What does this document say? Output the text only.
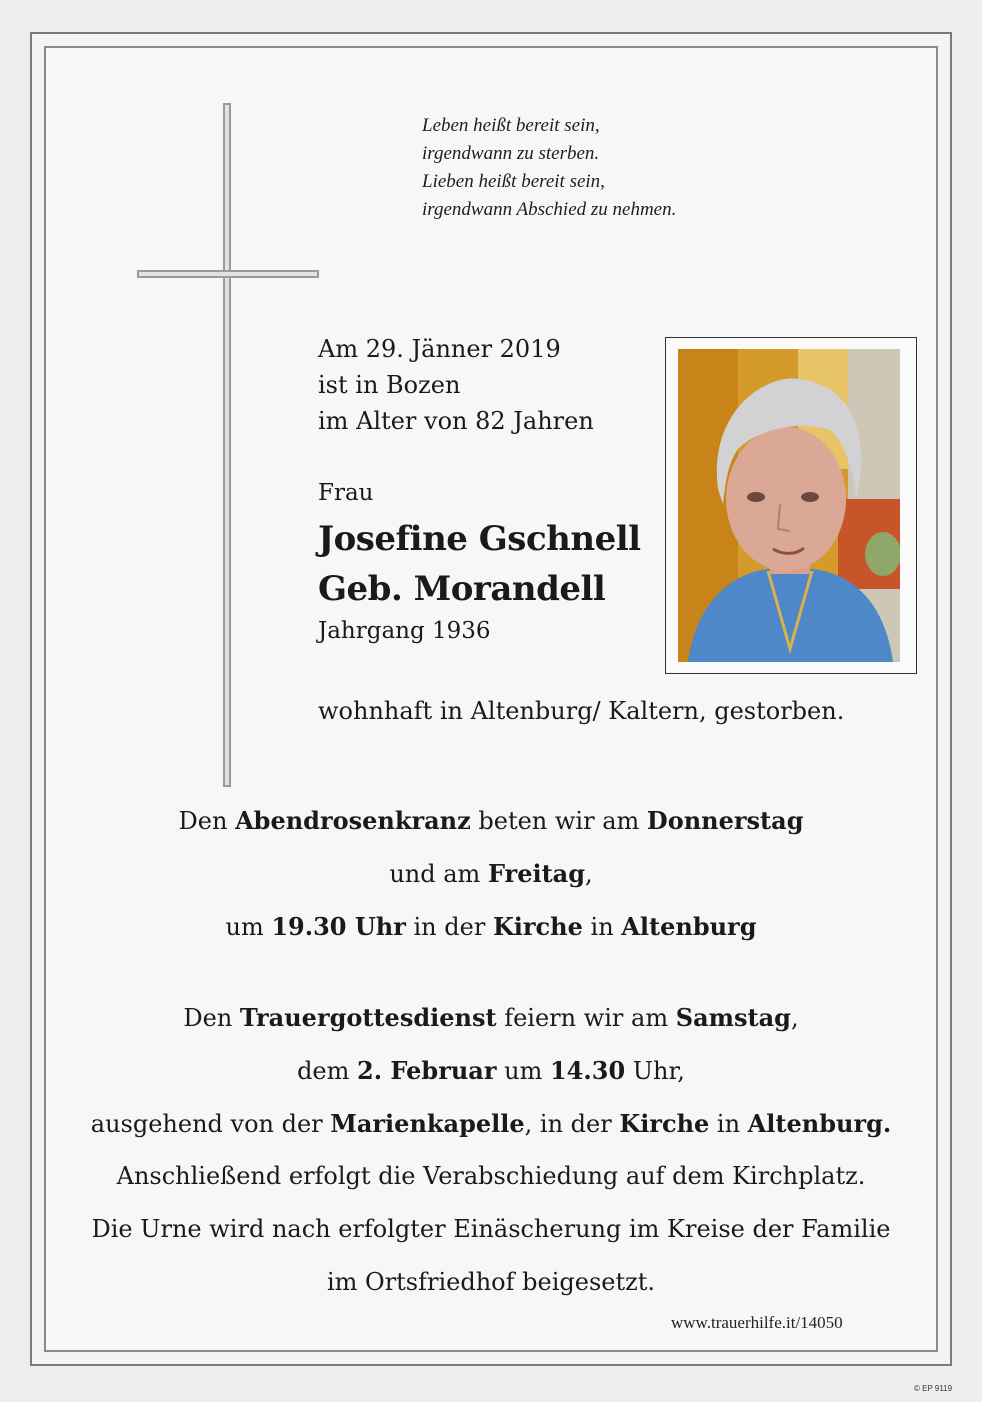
Leben heißt bereit sein,
irgendwann zu sterben.
Lieben heißt bereit sein,
irgendwann Abschied zu nehmen.
Am 29. Jänner 2019
ist in Bozen
im Alter von 82 Jahren
Frau
Josefine Gschnell
Geb. Morandell
Jahrgang 1936
wohnhaft in Altenburg/ Kaltern, gestorben.
Den Abendrosenkranz beten wir am Donnerstag
und am Freitag,
um 19.30 Uhr in der Kirche in Altenburg
Den Trauergottesdienst feiern wir am Samstag,
dem 2. Februar um 14.30 Uhr,
ausgehend von der Marienkapelle, in der Kirche in Altenburg.
Anschließend erfolgt die Verabschiedung auf dem Kirchplatz.
Die Urne wird nach erfolgter Einäscherung im Kreise der Familie
im Ortsfriedhof beigesetzt.
www.trauerhilfe.it/14050
© EP 9119
